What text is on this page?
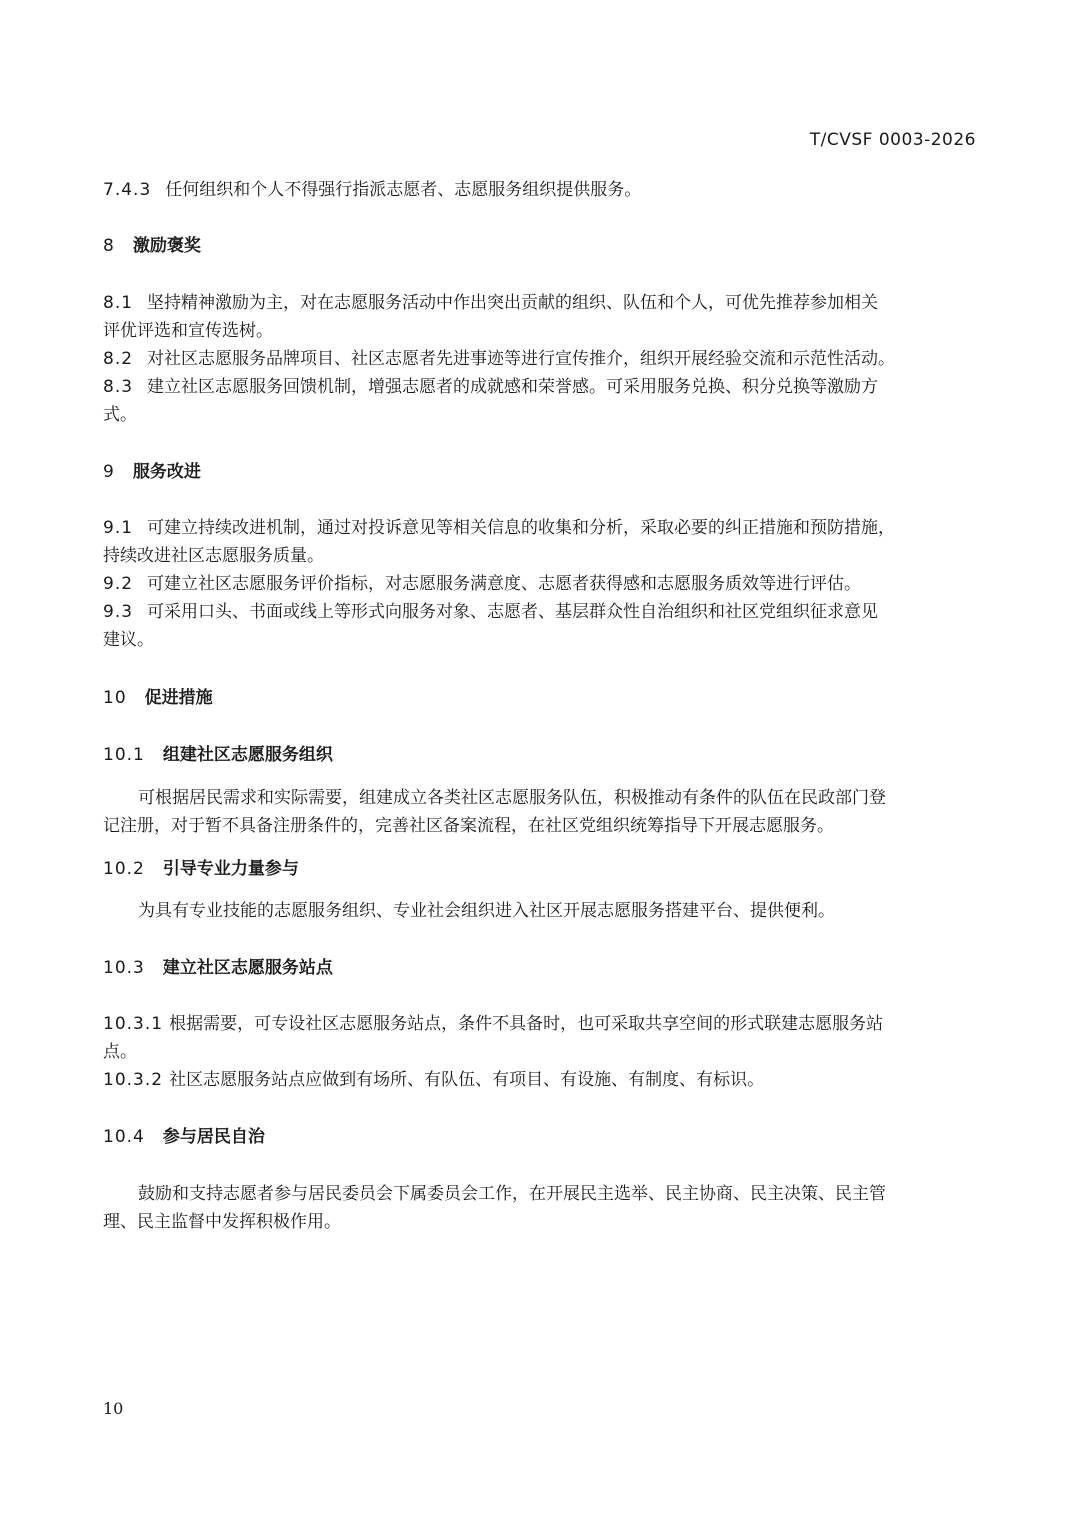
T/CVSF 0003-2026
7.4.3 任何组织和个人不得强行指派志愿者、志愿服务组织提供服务。
8 激励褒奖
8.1 坚持精神激励为主，对在志愿服务活动中作出突出贡献的组织、队伍和个人，可优先推荐参加相关
评优评选和宣传选树。
8.2 对社区志愿服务品牌项目、社区志愿者先进事迹等进行宣传推介，组织开展经验交流和示范性活动。
8.3 建立社区志愿服务回馈机制，增强志愿者的成就感和荣誉感。可采用服务兑换、积分兑换等激励方
式。
9 服务改进
9.1 可建立持续改进机制，通过对投诉意见等相关信息的收集和分析，采取必要的纠正措施和预防措施，
持续改进社区志愿服务质量。
9.2 可建立社区志愿服务评价指标，对志愿服务满意度、志愿者获得感和志愿服务质效等进行评估。
9.3 可采用口头、书面或线上等形式向服务对象、志愿者、基层群众性自治组织和社区党组织征求意见
建议。
10 促进措施
10.1 组建社区志愿服务组织
可根据居民需求和实际需要，组建成立各类社区志愿服务队伍，积极推动有条件的队伍在民政部门登
记注册，对于暂不具备注册条件的，完善社区备案流程，在社区党组织统筹指导下开展志愿服务。
10.2 引导专业力量参与
为具有专业技能的志愿服务组织、专业社会组织进入社区开展志愿服务搭建平台、提供便利。
10.3 建立社区志愿服务站点
10.3.1 根据需要，可专设社区志愿服务站点，条件不具备时，也可采取共享空间的形式联建志愿服务站
点。
10.3.2 社区志愿服务站点应做到有场所、有队伍、有项目、有设施、有制度、有标识。
10.4 参与居民自治
鼓励和支持志愿者参与居民委员会下属委员会工作，在开展民主选举、民主协商、民主决策、民主管
理、民主监督中发挥积极作用。
10
